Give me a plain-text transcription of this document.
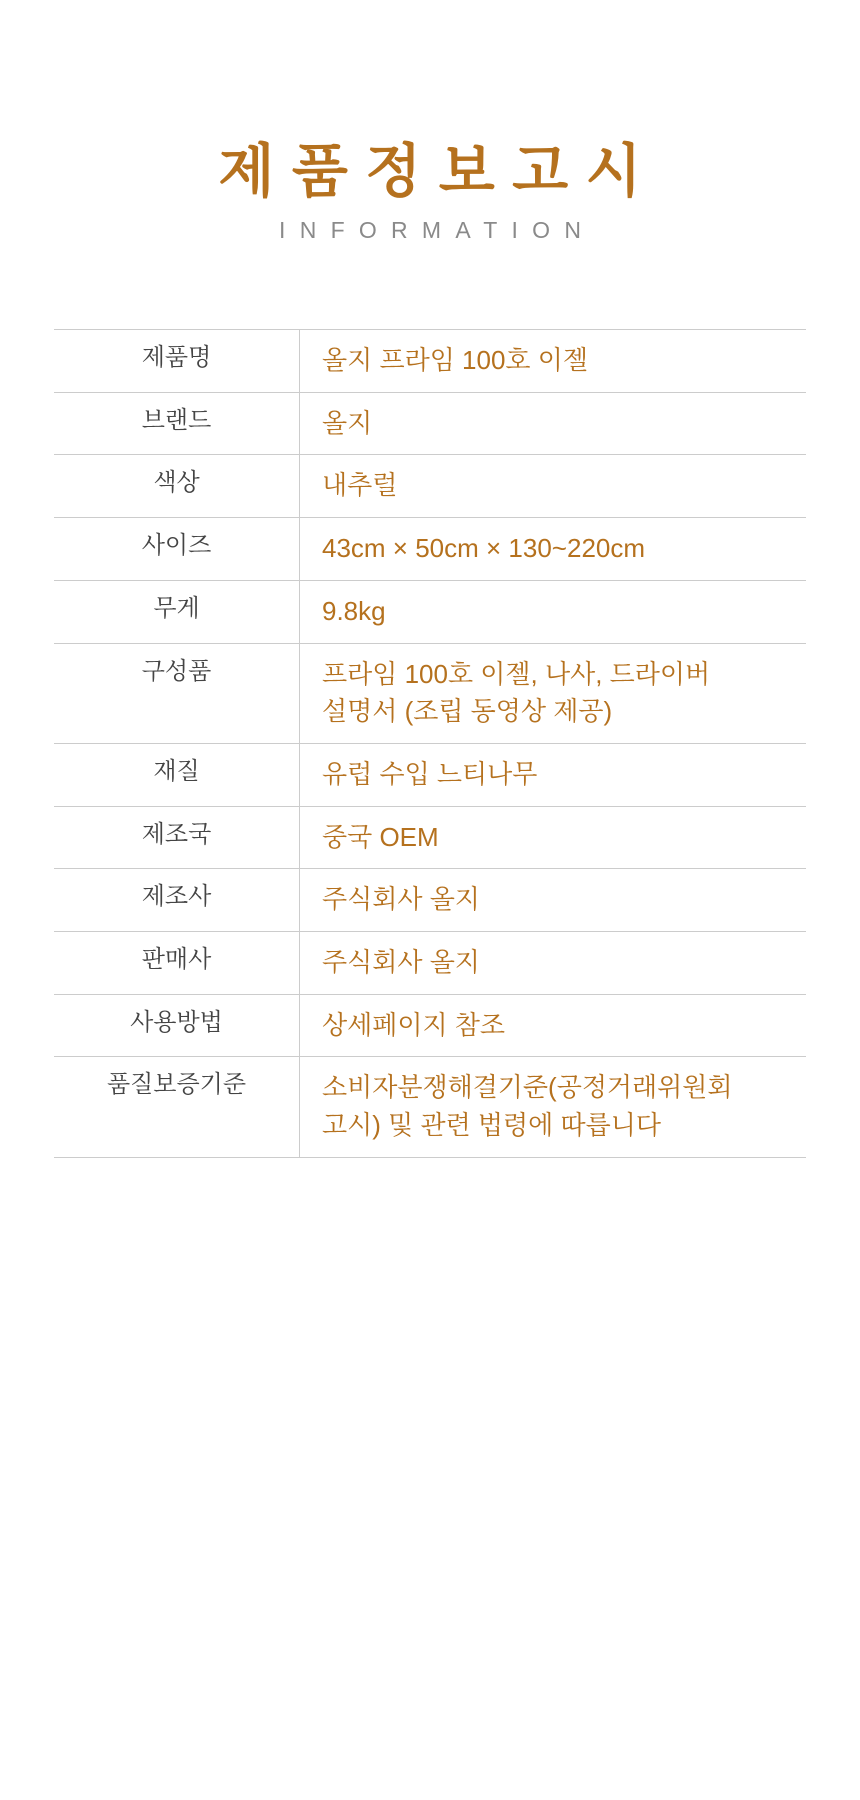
제품정보고시
INFORMATION
제품명	올지 프라임 100호 이젤

브랜드	올지

색상	내추럴

사이즈	43cm × 50cm × 130~220cm

무게	9.8kg

구성품	프라임 100호 이젤, 나사, 드라이버
설명서 (조립 동영상 제공)

재질	유럽 수입 느티나무

제조국	중국 OEM

제조사	주식회사 올지

판매사	주식회사 올지

사용방법	상세페이지 참조

품질보증기준	소비자분쟁해결기준(공정거래위원회
고시) 및 관련 법령에 따릅니다
